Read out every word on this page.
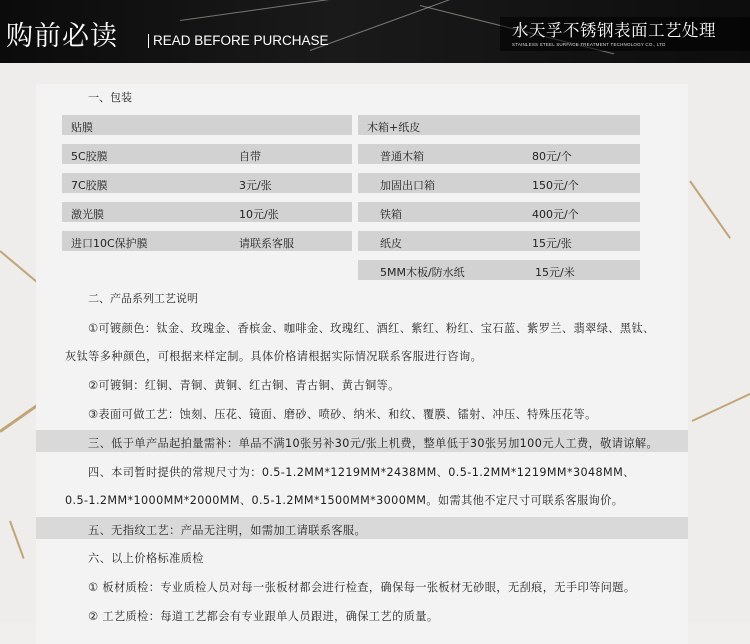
购前必读	READ BEFORE PURCHASE
水天孚不锈钢表面工艺处理
STAINLESS STEEL SURFACE TREATMENT TECHNOLOGY CO., LTD
一、包装
贴膜
5C胶膜	自带
7C胶膜	3元/张
激光膜	10元/张
进口10C保护膜	请联系客服
木箱+纸皮
普通木箱	80元/个
加固出口箱	150元/个
铁箱	400元/个
纸皮	15元/张
5MM木板/防水纸	15元/米
二、产品系列工艺说明
①可镀颜色：钛金、玫瑰金、香槟金、咖啡金、玫瑰红、酒红、紫红、粉红、宝石蓝、紫罗兰、翡翠绿、黑钛、
灰钛等多种颜色，可根据来样定制。具体价格请根据实际情况联系客服进行咨询。
②可镀铜：红铜、青铜、黄铜、红古铜、青古铜、黄古铜等。
③表面可做工艺：蚀刻、压花、镜面、磨砂、喷砂、纳米、和纹、覆膜、镭射、冲压、特殊压花等。
三、低于单产品起拍量需补：单品不满10张另补30元/张上机费，整单低于30张另加100元人工费，敬请谅解。
四、本司暂时提供的常规尺寸为：0.5-1.2MM*1219MM*2438MM、0.5-1.2MM*1219MM*3048MM、
0.5-1.2MM*1000MM*2000MM、0.5-1.2MM*1500MM*3000MM。如需其他不定尺寸可联系客服询价。
五、无指纹工艺：产品无注明，如需加工请联系客服。
六、以上价格标准质检
① 板材质检：专业质检人员对每一张板材都会进行检查，确保每一张板材无砂眼，无刮痕，无手印等问题。
② 工艺质检：每道工艺都会有专业跟单人员跟进，确保工艺的质量。
